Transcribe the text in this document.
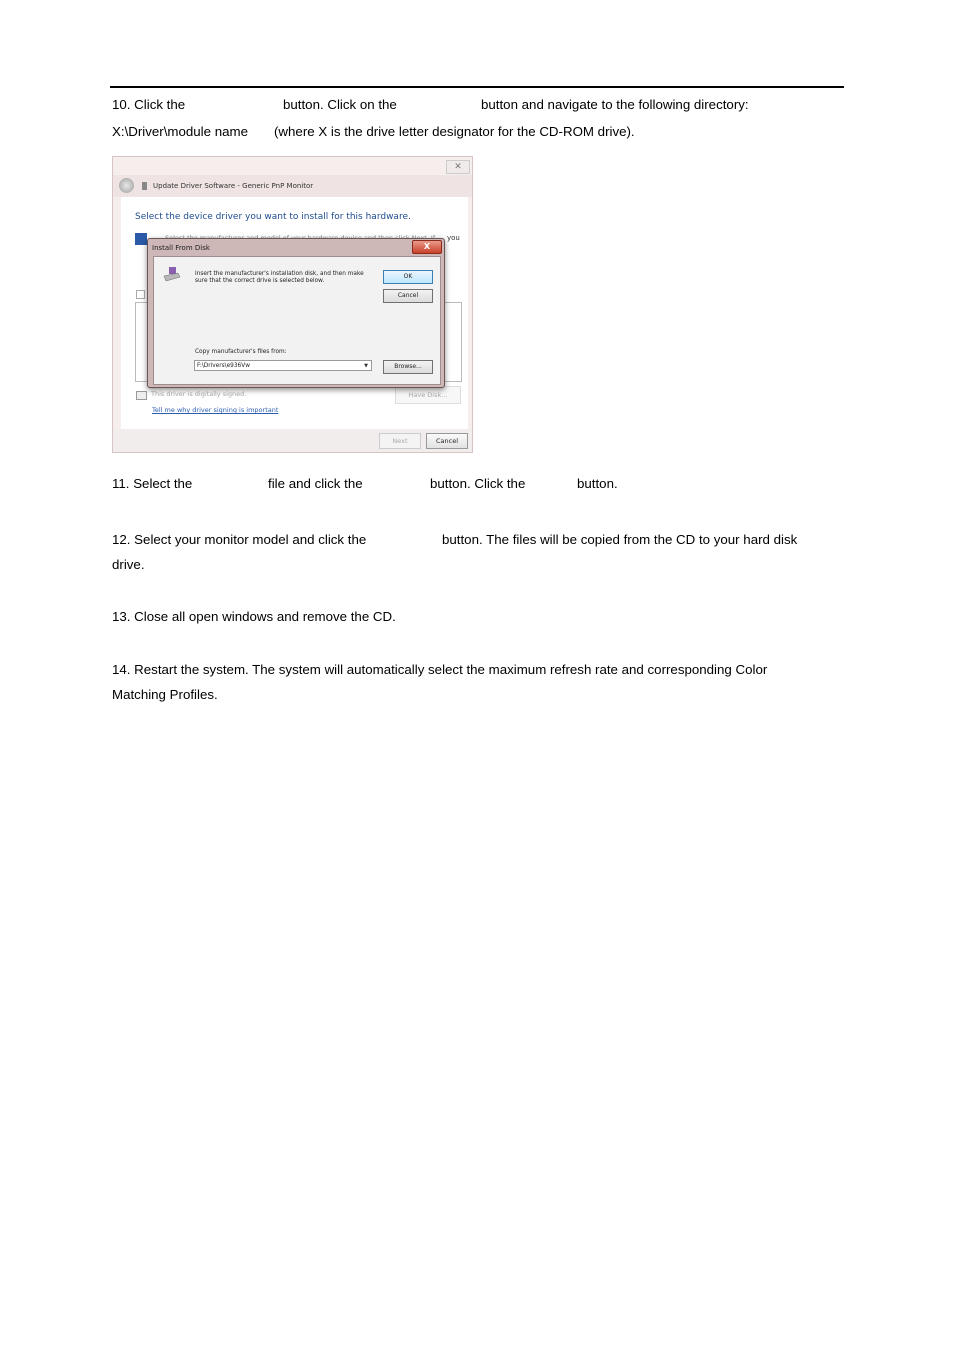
10. Click the	button. Click on the	button and navigate to the following directory:
X:\Driver\module name (where X is the drive letter designator for the CD-ROM drive).
✕
Update Driver Software - Generic PnP Monitor
Select the device driver you want to install for this hardware.
you
This driver is digitally signed.
Tell me why driver signing is important
Have Disk...
Next	Cancel
Install From Disk	X
Insert the manufacturer's installation disk, and then make
sure that the correct drive is selected below.
OK
Cancel
Copy manufacturer's files from:
F:\Drivers\e936Vw	▼	Browse...
11. Select the	file and click the	button. Click the	button.
12. Select your monitor model and click the	button. The files will be copied from the CD to your hard disk
drive.
13. Close all open windows and remove the CD.
14. Restart the system. The system will automatically select the maximum refresh rate and corresponding Color
Matching Profiles.
